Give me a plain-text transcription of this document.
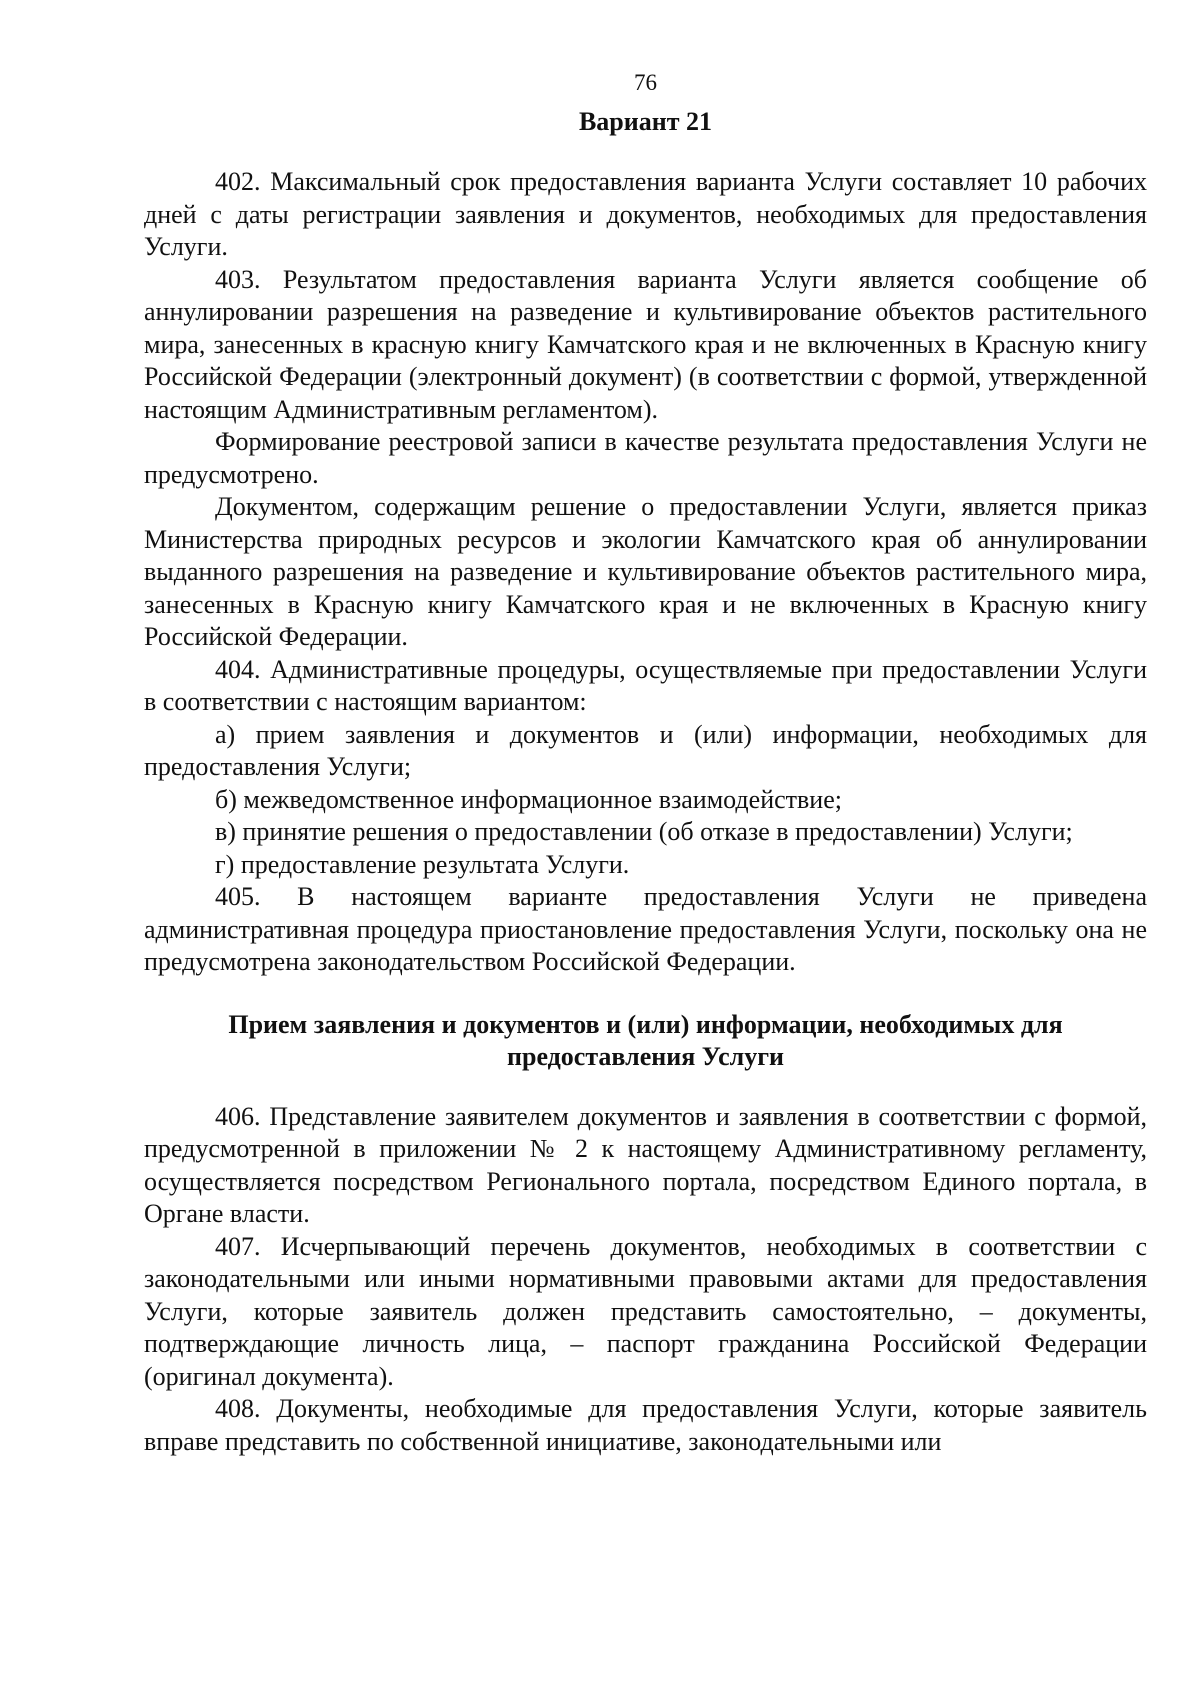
76
Вариант 21

402. Максимальный срок предоставления варианта Услуги составляет 10 рабочих дней с даты регистрации заявления и документов, необходимых для предоставления Услуги.

403. Результатом предоставления варианта Услуги является сообщение об аннулировании разрешения на разведение и культивирование объектов растительного мира, занесенных в красную книгу Камчатского края и не включенных в Красную книгу Российской Федерации (электронный документ) (в соответствии с формой, утвержденной настоящим Административным регламентом).

Формирование реестровой записи в качестве результата предоставления Услуги не предусмотрено.

Документом, содержащим решение о предоставлении Услуги, является приказ Министерства природных ресурсов и экологии Камчатского края об аннулировании выданного разрешения на разведение и культивирование объектов растительного мира, занесенных в Красную книгу Камчатского края и не включенных в Красную книгу Российской Федерации.

404. Административные процедуры, осуществляемые при предоставлении Услуги в соответствии с настоящим вариантом:

а) прием заявления и документов и (или) информации, необходимых для предоставления Услуги;

б) межведомственное информационное взаимодействие;

в) принятие решения о предоставлении (об отказе в предоставлении) Услуги;

г) предоставление результата Услуги.

405. В настоящем варианте предоставления Услуги не приведена административная процедура приостановление предоставления Услуги, поскольку она не предусмотрена законодательством Российской Федерации.

Прием заявления и документов и (или) информации, необходимых для
предоставления Услуги

406. Представление заявителем документов и заявления в соответствии с формой, предусмотренной в приложении № 2 к настоящему Административному регламенту, осуществляется посредством Регионального портала, посредством Единого портала, в Органе власти.

407. Исчерпывающий перечень документов, необходимых в соответствии с законодательными или иными нормативными правовыми актами для предоставления Услуги, которые заявитель должен представить самостоятельно, – документы, подтверждающие личность лица, – паспорт гражданина Российской Федерации (оригинал документа).

408. Документы, необходимые для предоставления Услуги, которые заявитель вправе представить по собственной инициативе, законодательными или
